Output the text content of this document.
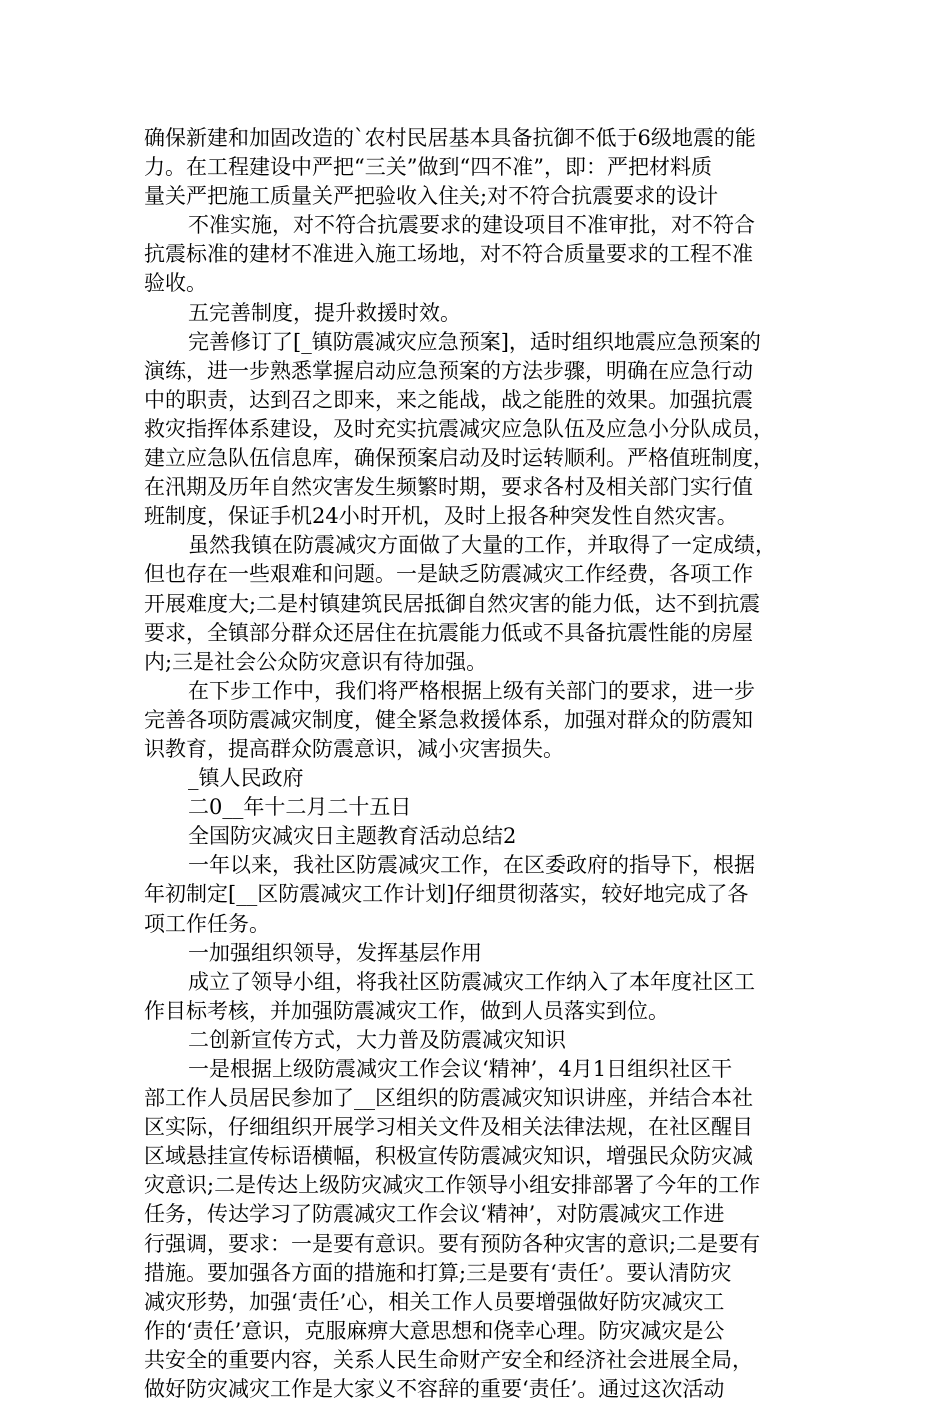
确保新建和加固改造的`农村民居基本具备抗御不低于6级地震的能
力。在工程建设中严把“三关”做到“四不准”，即：严把材料质
量关严把施工质量关严把验收入住关;对不符合抗震要求的设计
不准实施，对不符合抗震要求的建设项目不准审批，对不符合
抗震标准的建材不准进入施工场地，对不符合质量要求的工程不准
验收。
五完善制度，提升救援时效。
完善修订了[_镇防震减灾应急预案]，适时组织地震应急预案的
演练，进一步熟悉掌握启动应急预案的方法步骤，明确在应急行动
中的职责，达到召之即来，来之能战，战之能胜的效果。加强抗震
救灾指挥体系建设，及时充实抗震减灾应急队伍及应急小分队成员，
建立应急队伍信息库，确保预案启动及时运转顺利。严格值班制度，
在汛期及历年自然灾害发生频繁时期，要求各村及相关部门实行值
班制度，保证手机24小时开机，及时上报各种突发性自然灾害。
虽然我镇在防震减灾方面做了大量的工作，并取得了一定成绩，
但也存在一些艰难和问题。一是缺乏防震减灾工作经费，各项工作
开展难度大;二是村镇建筑民居抵御自然灾害的能力低，达不到抗震
要求，全镇部分群众还居住在抗震能力低或不具备抗震性能的房屋
内;三是社会公众防灾意识有待加强。
在下步工作中，我们将严格根据上级有关部门的要求，进一步
完善各项防震减灾制度，健全紧急救援体系，加强对群众的防震知
识教育，提高群众防震意识，减小灾害损失。
_镇人民政府
二0__年十二月二十五日
全国防灾减灾日主题教育活动总结2
一年以来，我社区防震减灾工作，在区委政府的指导下，根据
年初制定[__区防震减灾工作计划]仔细贯彻落实，较好地完成了各
项工作任务。
一加强组织领导，发挥基层作用
成立了领导小组，将我社区防震减灾工作纳入了本年度社区工
作目标考核，并加强防震减灾工作，做到人员落实到位。
二创新宣传方式，大力普及防震减灾知识
一是根据上级防震减灾工作会议‘精神’，4月1日组织社区干
部工作人员居民参加了__区组织的防震减灾知识讲座，并结合本社
区实际，仔细组织开展学习相关文件及相关法律法规，在社区醒目
区域悬挂宣传标语横幅，积极宣传防震减灾知识，增强民众防灾减
灾意识;二是传达上级防灾减灾工作领导小组安排部署了今年的工作
任务，传达学习了防震减灾工作会议‘精神’，对防震减灾工作进
行强调，要求：一是要有意识。要有预防各种灾害的意识;二是要有
措施。要加强各方面的措施和打算;三是要有‘责任’。要认清防灾
减灾形势，加强‘责任’心，相关工作人员要增强做好防灾减灾工
作的‘责任’意识，克服麻痹大意思想和侥幸心理。防灾减灾是公
共安全的重要内容，关系人民生命财产安全和经济社会进展全局，
做好防灾减灾工作是大家义不容辞的重要‘责任’。通过这次活动
